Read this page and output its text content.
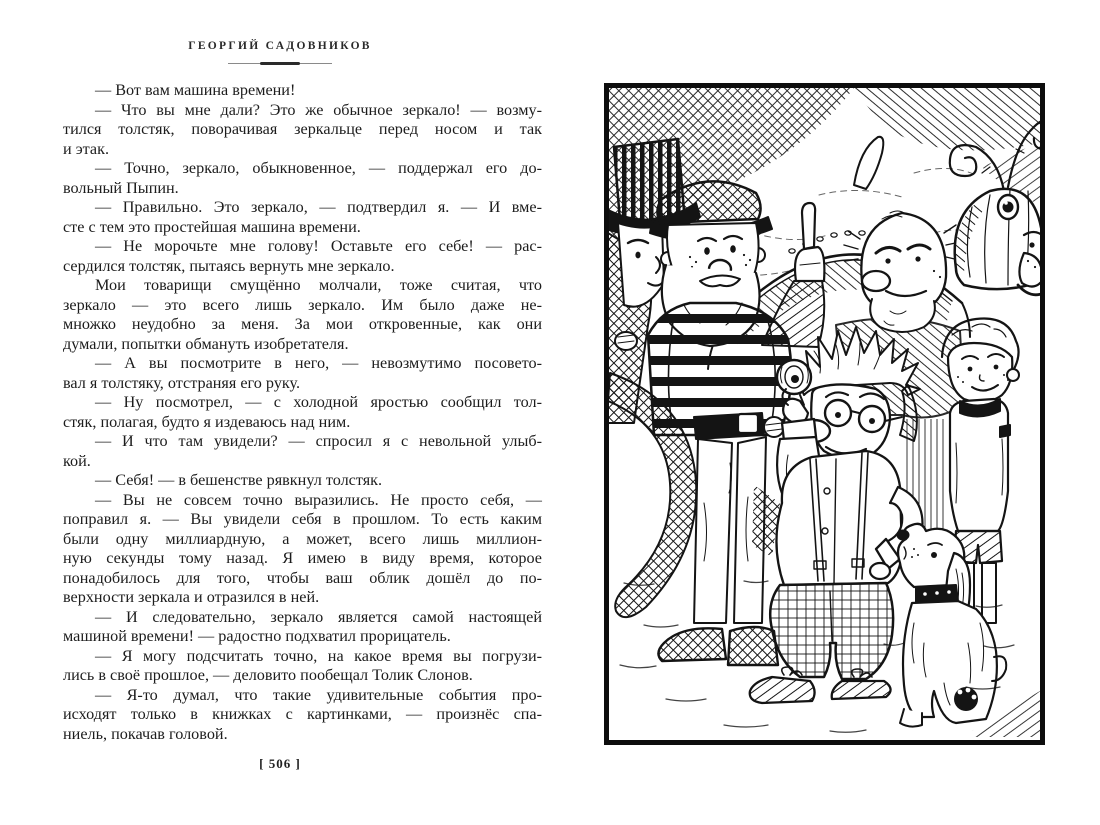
ГЕОРГИЙ САДОВНИКОВ
— Вот вам машина времени!
— Что вы мне дали? Это же обычное зеркало! — возму-
тился толстяк, поворачивая зеркальце перед носом и так
и этак.
— Точно, зеркало, обыкновенное, — поддержал его до-
вольный Пыпин.
— Правильно. Это зеркало, — подтвердил я. — И вме-
сте с тем это простейшая машина времени.
— Не морочьте мне голову! Оставьте его себе! — рас-
сердился толстяк, пытаясь вернуть мне зеркало.
Мои товарищи смущённо молчали, тоже считая, что
зеркало — это всего лишь зеркало. Им было даже не-
множко неудобно за меня. За мои откровенные, как они
думали, попытки обмануть изобретателя.
— А вы посмотрите в него, — невозмутимо посовето-
вал я толстяку, отстраняя его руку.
— Ну посмотрел, — с холодной яростью сообщил тол-
стяк, полагая, будто я издеваюсь над ним.
— И что там увидели? — спросил я с невольной улыб-
кой.
— Себя! — в бешенстве рявкнул толстяк.
— Вы не совсем точно выразились. Не просто себя, —
поправил я. — Вы увидели себя в прошлом. То есть каким
были одну миллиардную, а может, всего лишь миллион-
ную секунды тому назад. Я имею в виду время, которое
понадобилось для того, чтобы ваш облик дошёл до по-
верхности зеркала и отразился в ней.
— И следовательно, зеркало является самой настоящей
машиной времени! — радостно подхватил прорицатель.
— Я могу подсчитать точно, на какое время вы погрузи-
лись в своё прошлое, — деловито пообещал Толик Слонов.
— Я-то думал, что такие удивительные события про-
исходят только в книжках с картинками, — произнёс спа-
ниель, покачав головой.
[ 506 ]
